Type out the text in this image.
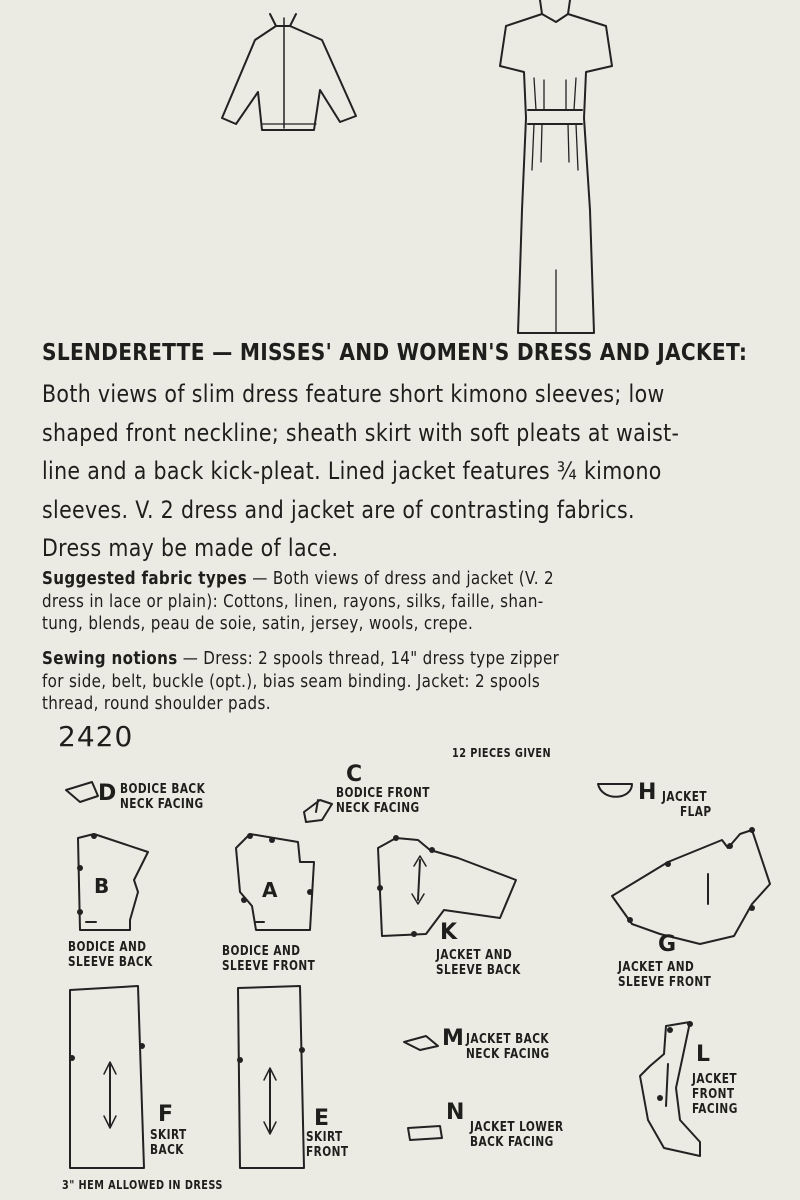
SLENDERETTE — MISSES' AND WOMEN'S DRESS AND JACKET:
Both views of slim dress feature short kimono sleeves; low
shaped front neckline; sheath skirt with soft pleats at waist-
line and a back kick-pleat. Lined jacket features ¾ kimono
sleeves. V. 2 dress and jacket are of contrasting fabrics.
Dress may be made of lace.
Suggested fabric types — Both views of dress and jacket (V. 2
dress in lace or plain): Cottons, linen, rayons, silks, faille, shan-
tung, blends, peau de soie, satin, jersey, wools, crepe.
Sewing notions — Dress: 2 spools thread, 14" dress type zipper
for side, belt, buckle (opt.), bias seam binding. Jacket: 2 spools
thread, round shoulder pads.
2420	12 PIECES GIVEN
D BODICE BACK
NECK FACING
C
BODICE FRONT
NECK FACING
H JACKET
FLAP
B
BODICE AND
SLEEVE BACK
A
BODICE AND
SLEEVE FRONT
K
JACKET AND
SLEEVE BACK
G
JACKET AND
SLEEVE FRONT
M JACKET BACK
NECK FACING	L
JACKET
FRONT
FACING
F
SKIRT
BACK
E
SKIRT
FRONT
N
JACKET LOWER
BACK FACING
3" HEM ALLOWED IN DRESS
